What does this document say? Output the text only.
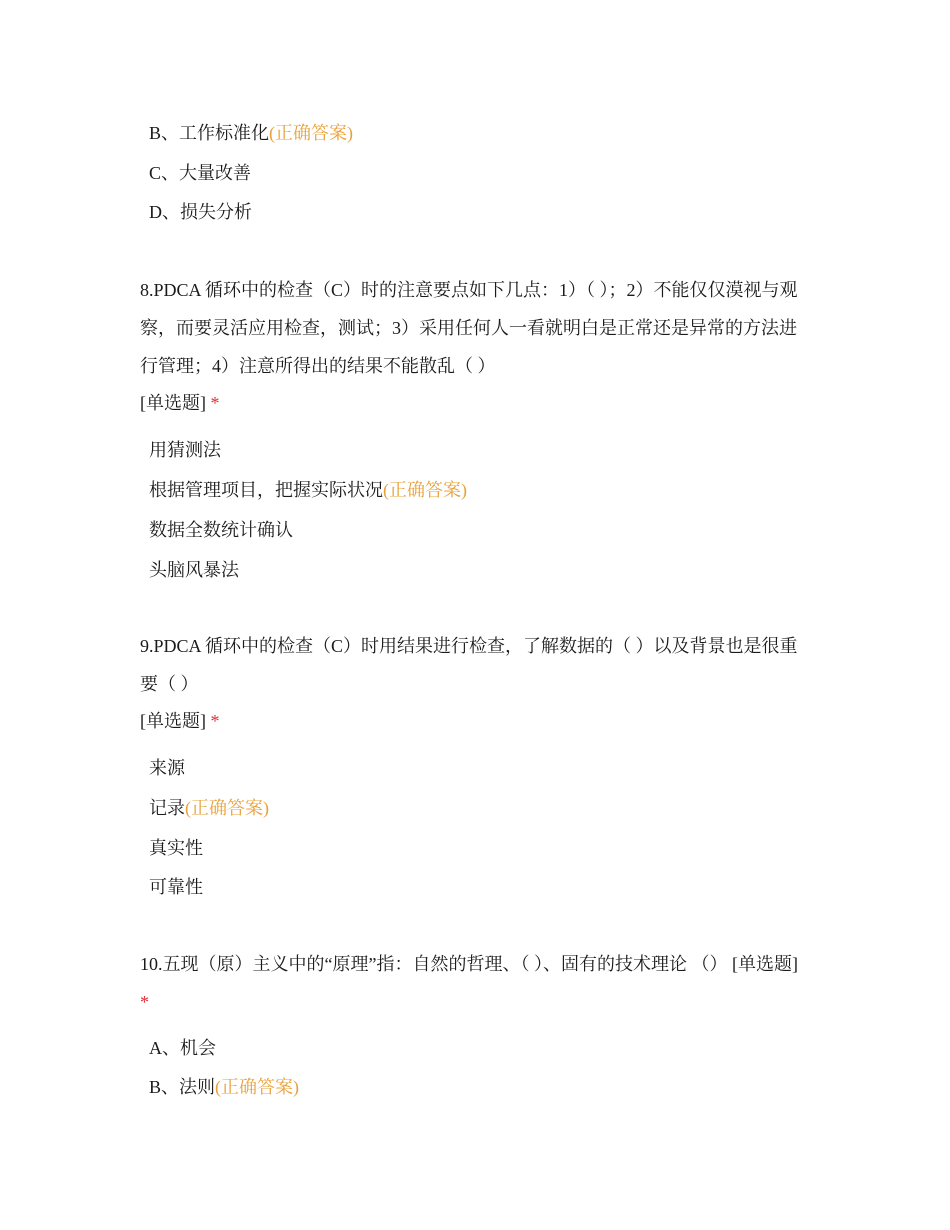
B、工作标准化(正确答案)
C、大量改善
D、损失分析
8.PDCA 循环中的检查（C）时的注意要点如下几点：1）（ ）；2）不能仅仅漠视与观察，而要灵活应用检查，测试；3）采用任何人一看就明白是正常还是异常的方法进行管理；4）注意所得出的结果不能散乱（ ）
[单选题] *
用猜测法
根据管理项目，把握实际状况(正确答案)
数据全数统计确认
头脑风暴法
9.PDCA 循环中的检查（C）时用结果进行检查，了解数据的（ ）以及背景也是很重要（ ）
[单选题] *
来源
记录(正确答案)
真实性
可靠性
10.五现（原）主义中的“原理”指：自然的哲理、（ ）、固有的技术理论 （） [单选题] *
A、机会
B、法则(正确答案)
